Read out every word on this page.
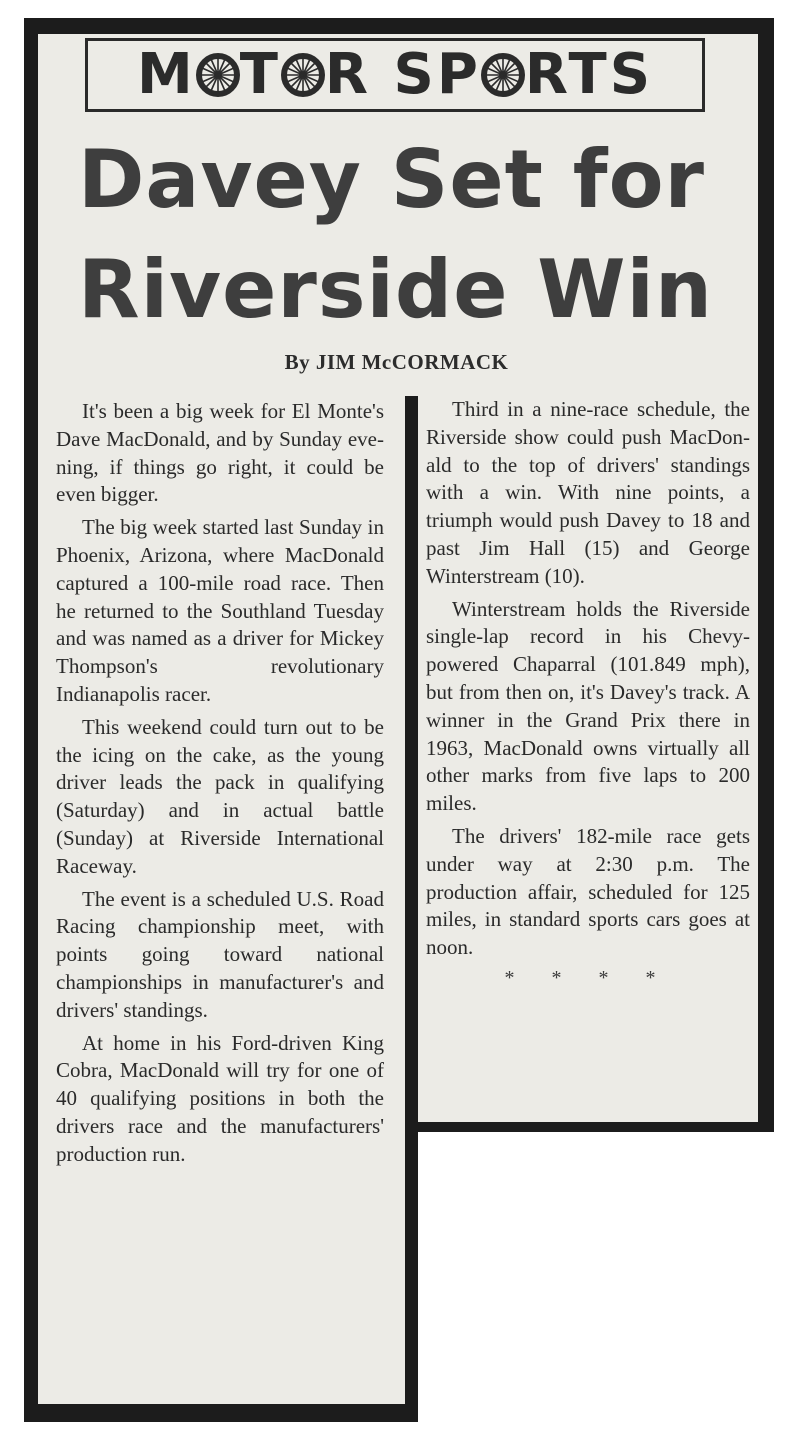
M T R SP RTS
Davey Set for
Riverside Win
By JIM McCORMACK

It's been a big week for El Monte's Dave MacDonald, and by Sunday evening, if things go right, it could be even bigger.

The big week started last Sunday in Phoenix, Arizona, where MacDonald captured a 100-mile road race. Then he returned to the Southland Tuesday and was named as a driver for Mickey Thompson's revolutionary Indianapolis racer.

This weekend could turn out to be the icing on the cake, as the young driver leads the pack in qualifying (Saturday) and in actual battle (Sunday) at Riverside International Raceway.

The event is a scheduled U.S. Road Racing championship meet, with points going toward national championships in manufacturer's and drivers' standings.

At home in his Ford-driven King Cobra, MacDonald will try for one of 40 qualifying positions in both the drivers race and the manufacturers' production run.

Third in a nine-race schedule, the Riverside show could push MacDonald to the top of drivers' standings with a win. With nine points, a triumph would push Davey to 18 and past Jim Hall (15) and George Winterstream (10).

Winterstream holds the Riverside single-lap record in his Chevy-powered Chaparral (101.849 mph), but from then on, it's Davey's track. A winner in the Grand Prix there in 1963, MacDonald owns virtually all other marks from five laps to 200 miles.

The drivers' 182-mile race gets under way at 2:30 p.m. The production affair, scheduled for 125 miles, in standard sports cars goes at noon.

* * * *
